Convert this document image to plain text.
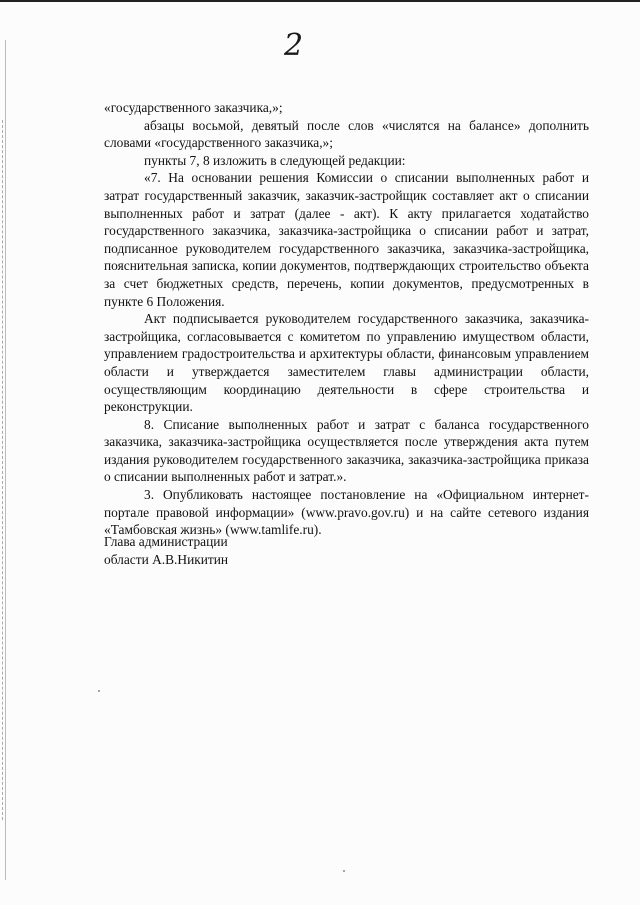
2

«государственного заказчика,»;

абзацы восьмой, девятый после слов «числятся на балансе» дополнить словами «государственного заказчика,»;

пункты 7, 8 изложить в следующей редакции:

«7. На основании решения Комиссии о списании выполненных работ и затрат государственный заказчик, заказчик-застройщик составляет акт о списании выполненных работ и затрат (далее - акт). К акту прилагается ходатайство государственного заказчика, заказчика-застройщика о списании работ и затрат, подписанное руководителем государственного заказчика, заказчика-застройщика, пояснительная записка, копии документов, подтверждающих строительство объекта за счет бюджетных средств, перечень, копии документов, предусмотренных в пункте 6 Положения.

Акт подписывается руководителем государственного заказчика, заказчика-застройщика, согласовывается с комитетом по управлению имуществом области, управлением градостроительства и архитектуры области, финансовым управлением области и утверждается заместителем главы администрации области, осуществляющим координацию деятельности в сфере строительства и реконструкции.

8. Списание выполненных работ и затрат с баланса государственного заказчика, заказчика-застройщика осуществляется после утверждения акта путем издания руководителем государственного заказчика, заказчика-застройщика приказа о списании выполненных работ и затрат.».

3. Опубликовать настоящее постановление на «Официальном интернет-портале правовой информации» (www.pravo.gov.ru) и на сайте сетевого издания «Тамбовская жизнь» (www.tamlife.ru).

Глава администрации
области А.В.Никитин
